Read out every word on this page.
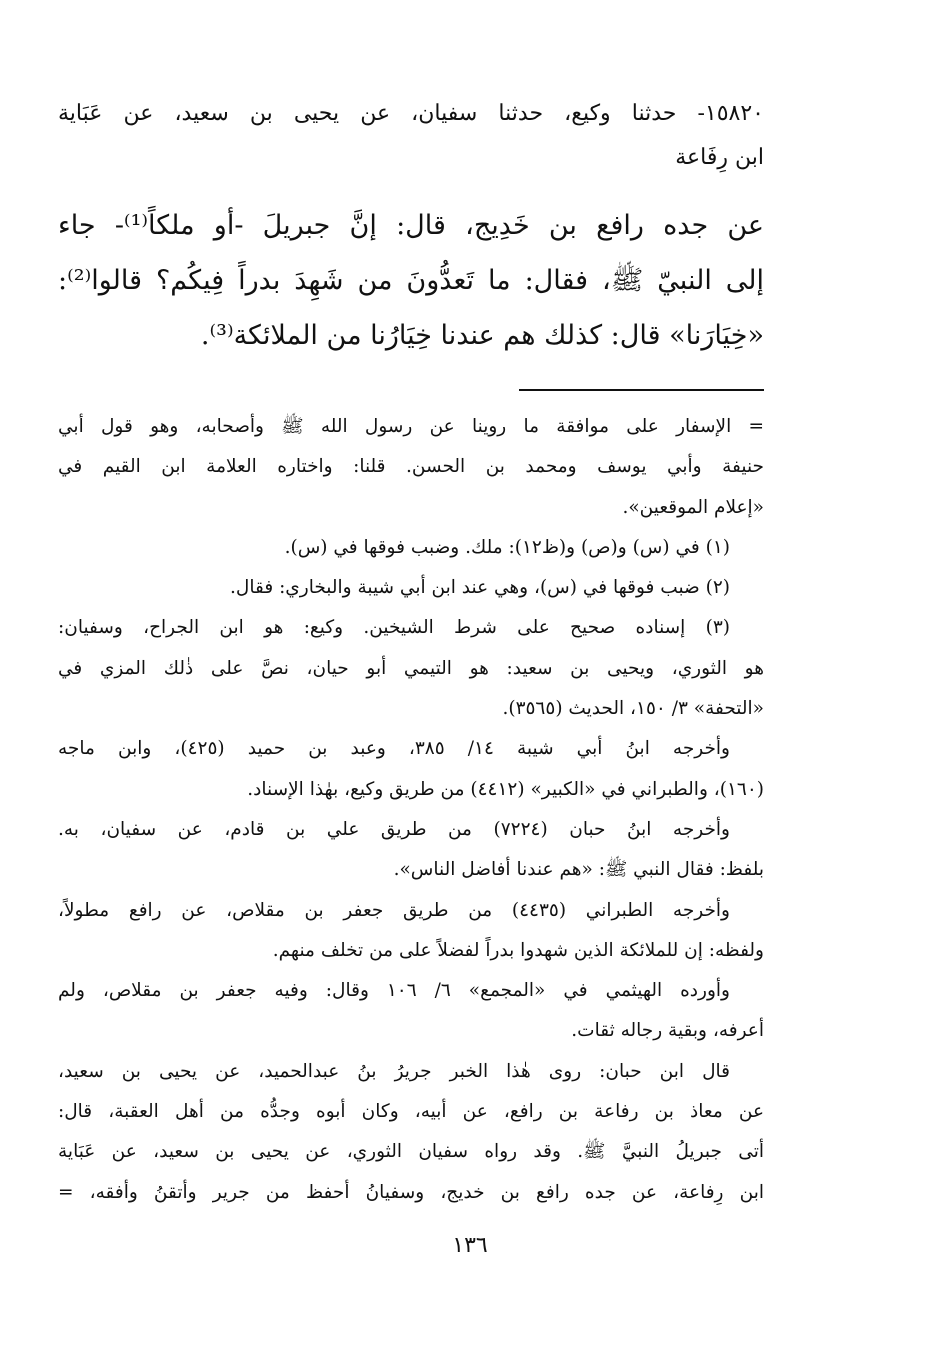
١٥٨٢٠- حدثنا وكيع، حدثنا سفيان، عن يحيى بن سعيد، عن عَبَاية
ابن رِفَاعة
عن جده رافع بن خَدِيج، قال: إنَّ جبريلَ -أو ملكاً⁽¹⁾- جاء
إلى النبيّ ﷺ، فقال: ما تَعدُّونَ من شَهِدَ بدراً فِيكُم؟ قالوا⁽²⁾:
«خِيَارَنا» قال: كذلك هم عندنا خِيَارُنا من الملائكة⁽³⁾.
= الإسفار على موافقة ما روينا عن رسول الله ﷺ وأصحابه، وهو قول أبي
حنيفة وأبي يوسف ومحمد بن الحسن. قلنا: واختاره العلامة ابن القيم في
«إعلام الموقعين».
(١) في (س) و(ص) و(ظ١٢): ملك. وضبب فوقها في (س).
(٢) ضبب فوقها في (س)، وهي عند ابن أبي شيبة والبخاري: فقال.
(٣) إسناده صحيح على شرط الشيخين. وكيع: هو ابن الجراح، وسفيان:
هو الثوري، ويحيى بن سعيد: هو التيمي أبو حيان، نصَّ على ذٰلك المزي في
«التحفة» ٣/ ١٥٠، الحديث (٣٥٦٥).
وأخرجه ابنُ أبي شيبة ١٤/ ٣٨٥، وعبد بن حميد (٤٢٥)، وابن ماجه
(١٦٠)، والطبراني في «الكبير» (٤٤١٢) من طريق وكيع، بهٰذا الإسناد.
وأخرجه ابنُ حبان (٧٢٢٤) من طريق علي بن قادم، عن سفيان، به.
بلفظ: فقال النبي ﷺ: «هم عندنا أفاضل الناس».
وأخرجه الطبراني (٤٤٣٥) من طريق جعفر بن مقلاص، عن رافع مطولاً،
ولفظه: إن للملائكة الذين شهدوا بدراً لفضلاً على من تخلف منهم.
وأورده الهيثمي في «المجمع» ٦/ ١٠٦ وقال: وفيه جعفر بن مقلاص، ولم
أعرفه، وبقية رجاله ثقات.
قال ابن حبان: روى هٰذا الخبر جريرُ بنُ عبدالحميد، عن يحيى بن سعيد،
عن معاذ بن رفاعة بن رافع، عن أبيه، وكان أبوه وجدُّه من أهل العقبة، قال:
أتى جبريلُ النبيَّ ﷺ. وقد رواه سفيان الثوري، عن يحيى بن سعيد، عن عَبَاية
ابن رِفاعة، عن جده رافع بن خديج، وسفيانُ أحفظ من جرير وأتقنُ وأفقه، =
١٣٦
